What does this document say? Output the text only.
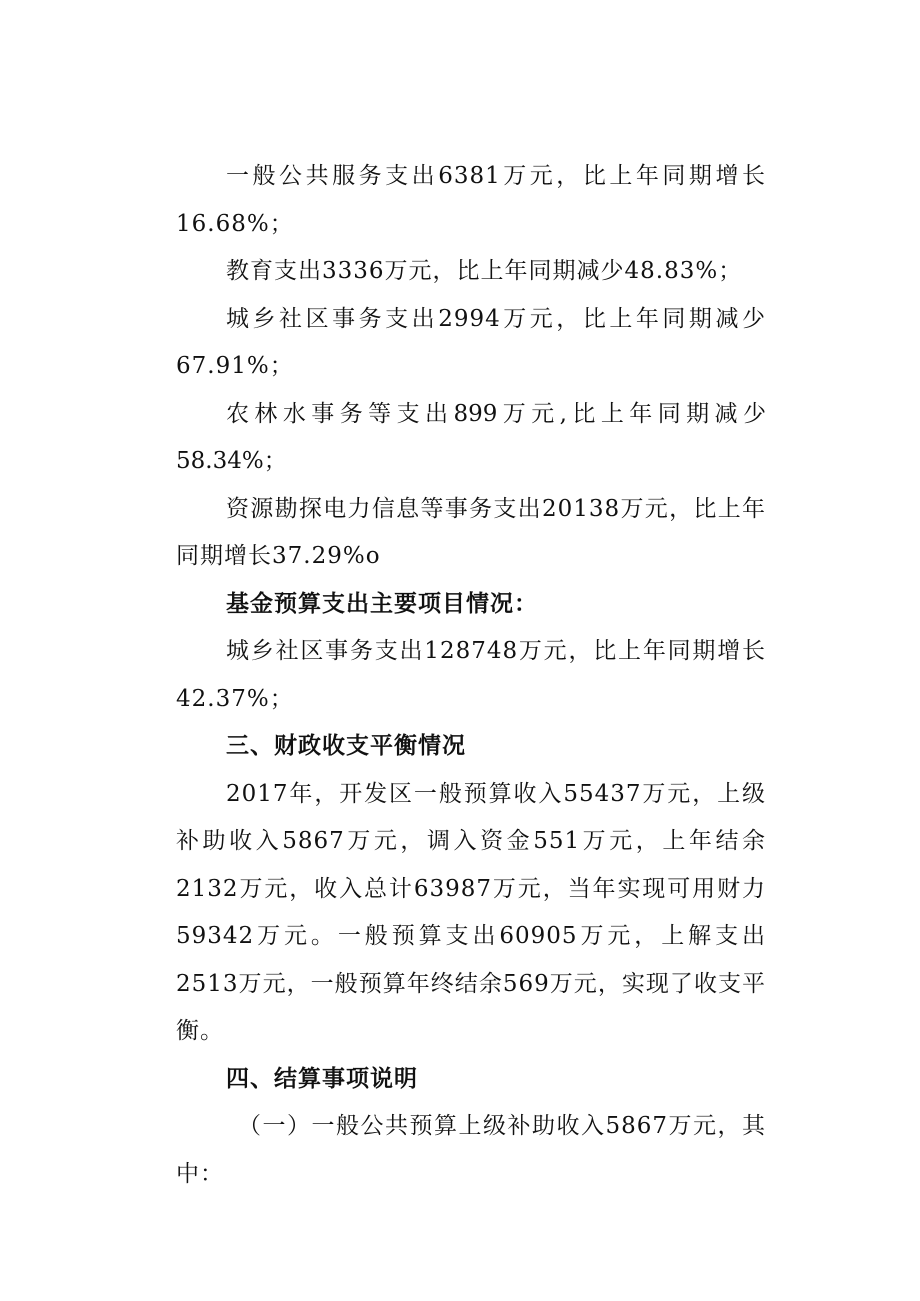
一般公共服务支出6381万元，比上年同期增长16.68%；

教育支出3336万元，比上年同期减少48.83%；

城乡社区事务支出2994万元，比上年同期减少67.91%；

农林水事务等支出899万元,比上年同期减少58.34%；

资源勘探电力信息等事务支出20138万元，比上年同期增长37.29%o

基金预算支出主要项目情况：

城乡社区事务支出128748万元，比上年同期增长42.37%；

三、财政收支平衡情况

2017年，开发区一般预算收入55437万元，上级补助收入5867万元，调入资金551万元，上年结余2132万元，收入总计63987万元，当年实现可用财力59342万元。一般预算支出60905万元，上解支出2513万元，一般预算年终结余569万元，实现了收支平衡。

四、结算事项说明

（一）一般公共预算上级补助收入5867万元，其中：
